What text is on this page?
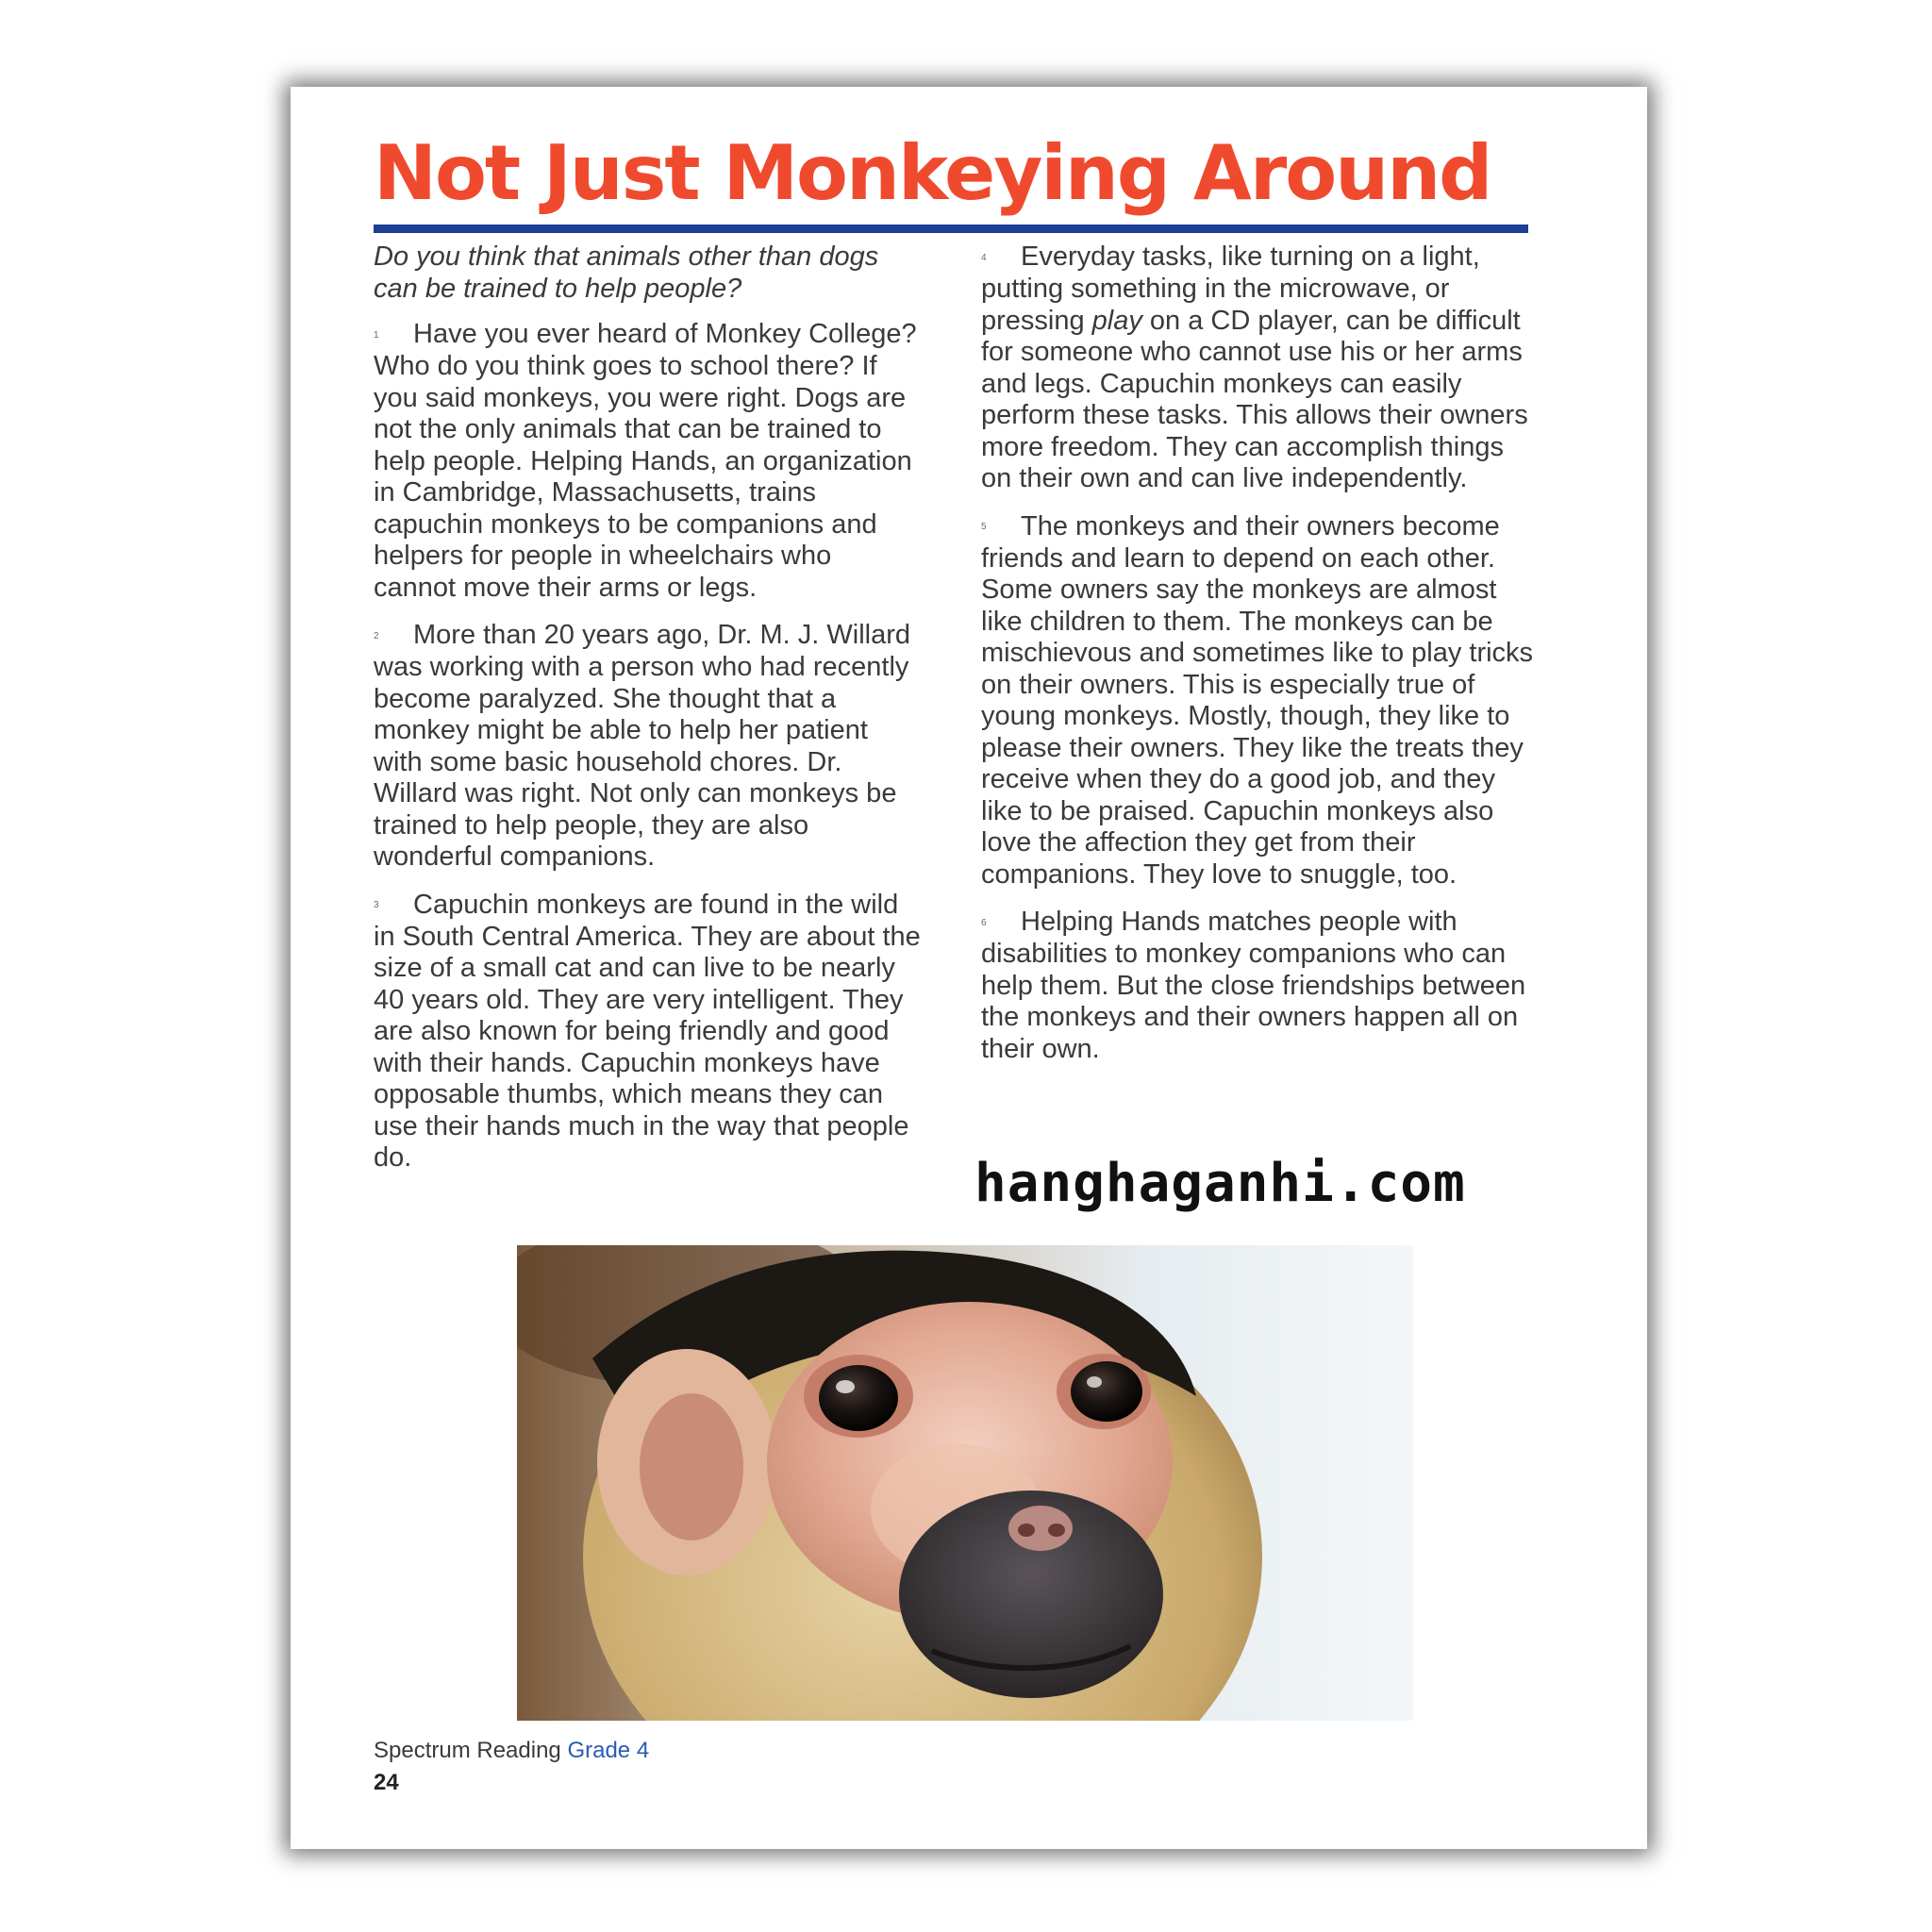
Not Just Monkeying Around

Do you think that animals other than dogs can be trained to help people?

1 Have you ever heard of Monkey College? Who do you think goes to school there? If you said monkeys, you were right. Dogs are not the only animals that can be trained to help people. Helping Hands, an organization in Cambridge, Massachusetts, trains capuchin monkeys to be companions and helpers for people in wheelchairs who cannot move their arms or legs.

2 More than 20 years ago, Dr. M. J. Willard was working with a person who had recently become paralyzed. She thought that a monkey might be able to help her patient with some basic household chores. Dr. Willard was right. Not only can monkeys be trained to help people, they are also wonderful companions.

3 Capuchin monkeys are found in the wild in South Central America. They are about the size of a small cat and can live to be nearly 40 years old. They are very intelligent. They are also known for being friendly and good with their hands. Capuchin monkeys have opposable thumbs, which means they can use their hands much in the way that people do.

4 Everyday tasks, like turning on a light, putting something in the microwave, or pressing play on a CD player, can be difficult for someone who cannot use his or her arms and legs. Capuchin monkeys can easily perform these tasks. This allows their owners more freedom. They can accomplish things on their own and can live independently.

5 The monkeys and their owners become friends and learn to depend on each other. Some owners say the monkeys are almost like children to them. The monkeys can be mischievous and sometimes like to play tricks on their owners. This is especially true of young monkeys. Mostly, though, they like to please their owners. They like the treats they receive when they do a good job, and they like to be praised. Capuchin monkeys also love the affection they get from their companions. They love to snuggle, too.

6 Helping Hands matches people with disabilities to monkey companions who can help them. But the close friendships between the monkeys and their owners happen all on their own.

hanghaganhi.com
Spectrum Reading Grade 4
24
